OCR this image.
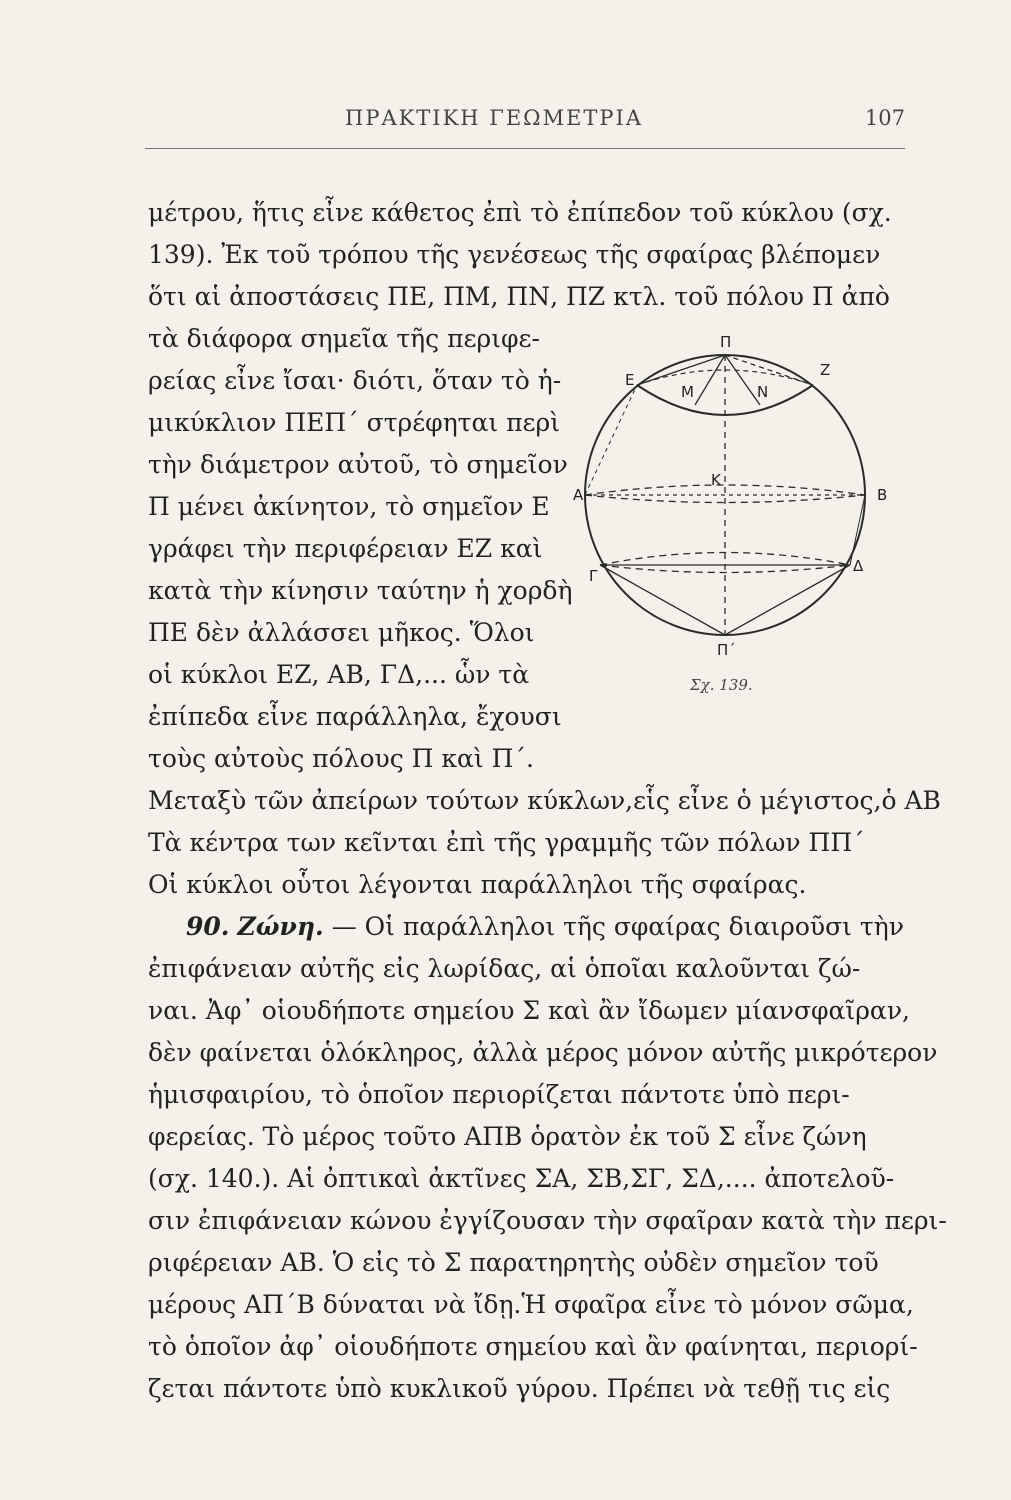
ΠΡΑΚΤΙΚΗ ΓΕΩΜΕΤΡΙΑ	107
μέτρου, ἥτις εἶνε κάθετος ἐπὶ τὸ ἐπίπεδον τοῦ κύκλου (σχ.
139). Ἐκ τοῦ τρόπου τῆς γενέσεως τῆς σφαίρας βλέπομεν
ὅτι αἱ ἀποστάσεις ΠΕ, ΠΜ, ΠΝ, ΠΖ κτλ. τοῦ πόλου Π ἀπὸ
τὰ διάφορα σημεῖα τῆς περιφε-
ρείας εἶνε ἴσαι· διότι, ὅταν τὸ ἡ-
μικύκλιον ΠΕΠ΄ στρέφηται περὶ
τὴν διάμετρον αὐτοῦ, τὸ σημεῖον
Π μένει ἀκίνητον, τὸ σημεῖον Ε
γράφει τὴν περιφέρειαν ΕΖ καὶ
κατὰ τὴν κίνησιν ταύτην ἡ χορδὴ
ΠΕ δὲν ἀλλάσσει μῆκος. Ὅλοι
οἱ κύκλοι ΕΖ, ΑΒ, ΓΔ,... ὧν τὰ
ἐπίπεδα εἶνε παράλληλα, ἔχουσι
τοὺς αὐτοὺς πόλους Π καὶ Π΄.
Μεταξὺ τῶν ἀπείρων τούτων κύκλων,εἷς εἶνε ὁ μέγιστος,ὁ ΑΒ
Τὰ κέντρα των κεῖνται ἐπὶ τῆς γραμμῆς τῶν πόλων ΠΠ΄
Οἱ κύκλοι οὗτοι λέγονται παράλληλοι τῆς σφαίρας.
90. Ζώνη. — Οἱ παράλληλοι τῆς σφαίρας διαιροῦσι τὴν
ἐπιφάνειαν αὐτῆς εἰς λωρίδας, αἱ ὁποῖαι καλοῦνται ζώ-
ναι. Ἀφ᾿ οἱουδήποτε σημείου Σ καὶ ἂν ἴδωμεν μίανσφαῖραν,
δὲν φαίνεται ὁλόκληρος, ἀλλὰ μέρος μόνον αὐτῆς μικρότερον
ἡμισφαιρίου, τὸ ὁποῖον περιορίζεται πάντοτε ὑπὸ περι-
φερείας. Τὸ μέρος τοῦτο ΑΠΒ ὁρατὸν ἐκ τοῦ Σ εἶνε ζώνη
(σχ. 140.). Αἱ ὀπτικαὶ ἀκτῖνες ΣΑ, ΣΒ,ΣΓ, ΣΔ,.... ἀποτελοῦ-
σιν ἐπιφάνειαν κώνου ἐγγίζουσαν τὴν σφαῖραν κατὰ τὴν περι-
ριφέρειαν ΑΒ. Ὁ εἰς τὸ Σ παρατηρητὴς οὐδὲν σημεῖον τοῦ
μέρους ΑΠ΄Β δύναται νὰ ἴδῃ.Ἡ σφαῖρα εἶνε τὸ μόνον σῶμα,
τὸ ὁποῖον ἀφ᾿ οἱουδήποτε σημείου καὶ ἂν φαίνηται, περιορί-
ζεται πάντοτε ὑπὸ κυκλικοῦ γύρου. Πρέπει νὰ τεθῇ τις εἰς
Π
Ε
Ζ
Μ	Ν
Κ
Α	Β
Γ
Δ
Π΄
Σχ. 139.
